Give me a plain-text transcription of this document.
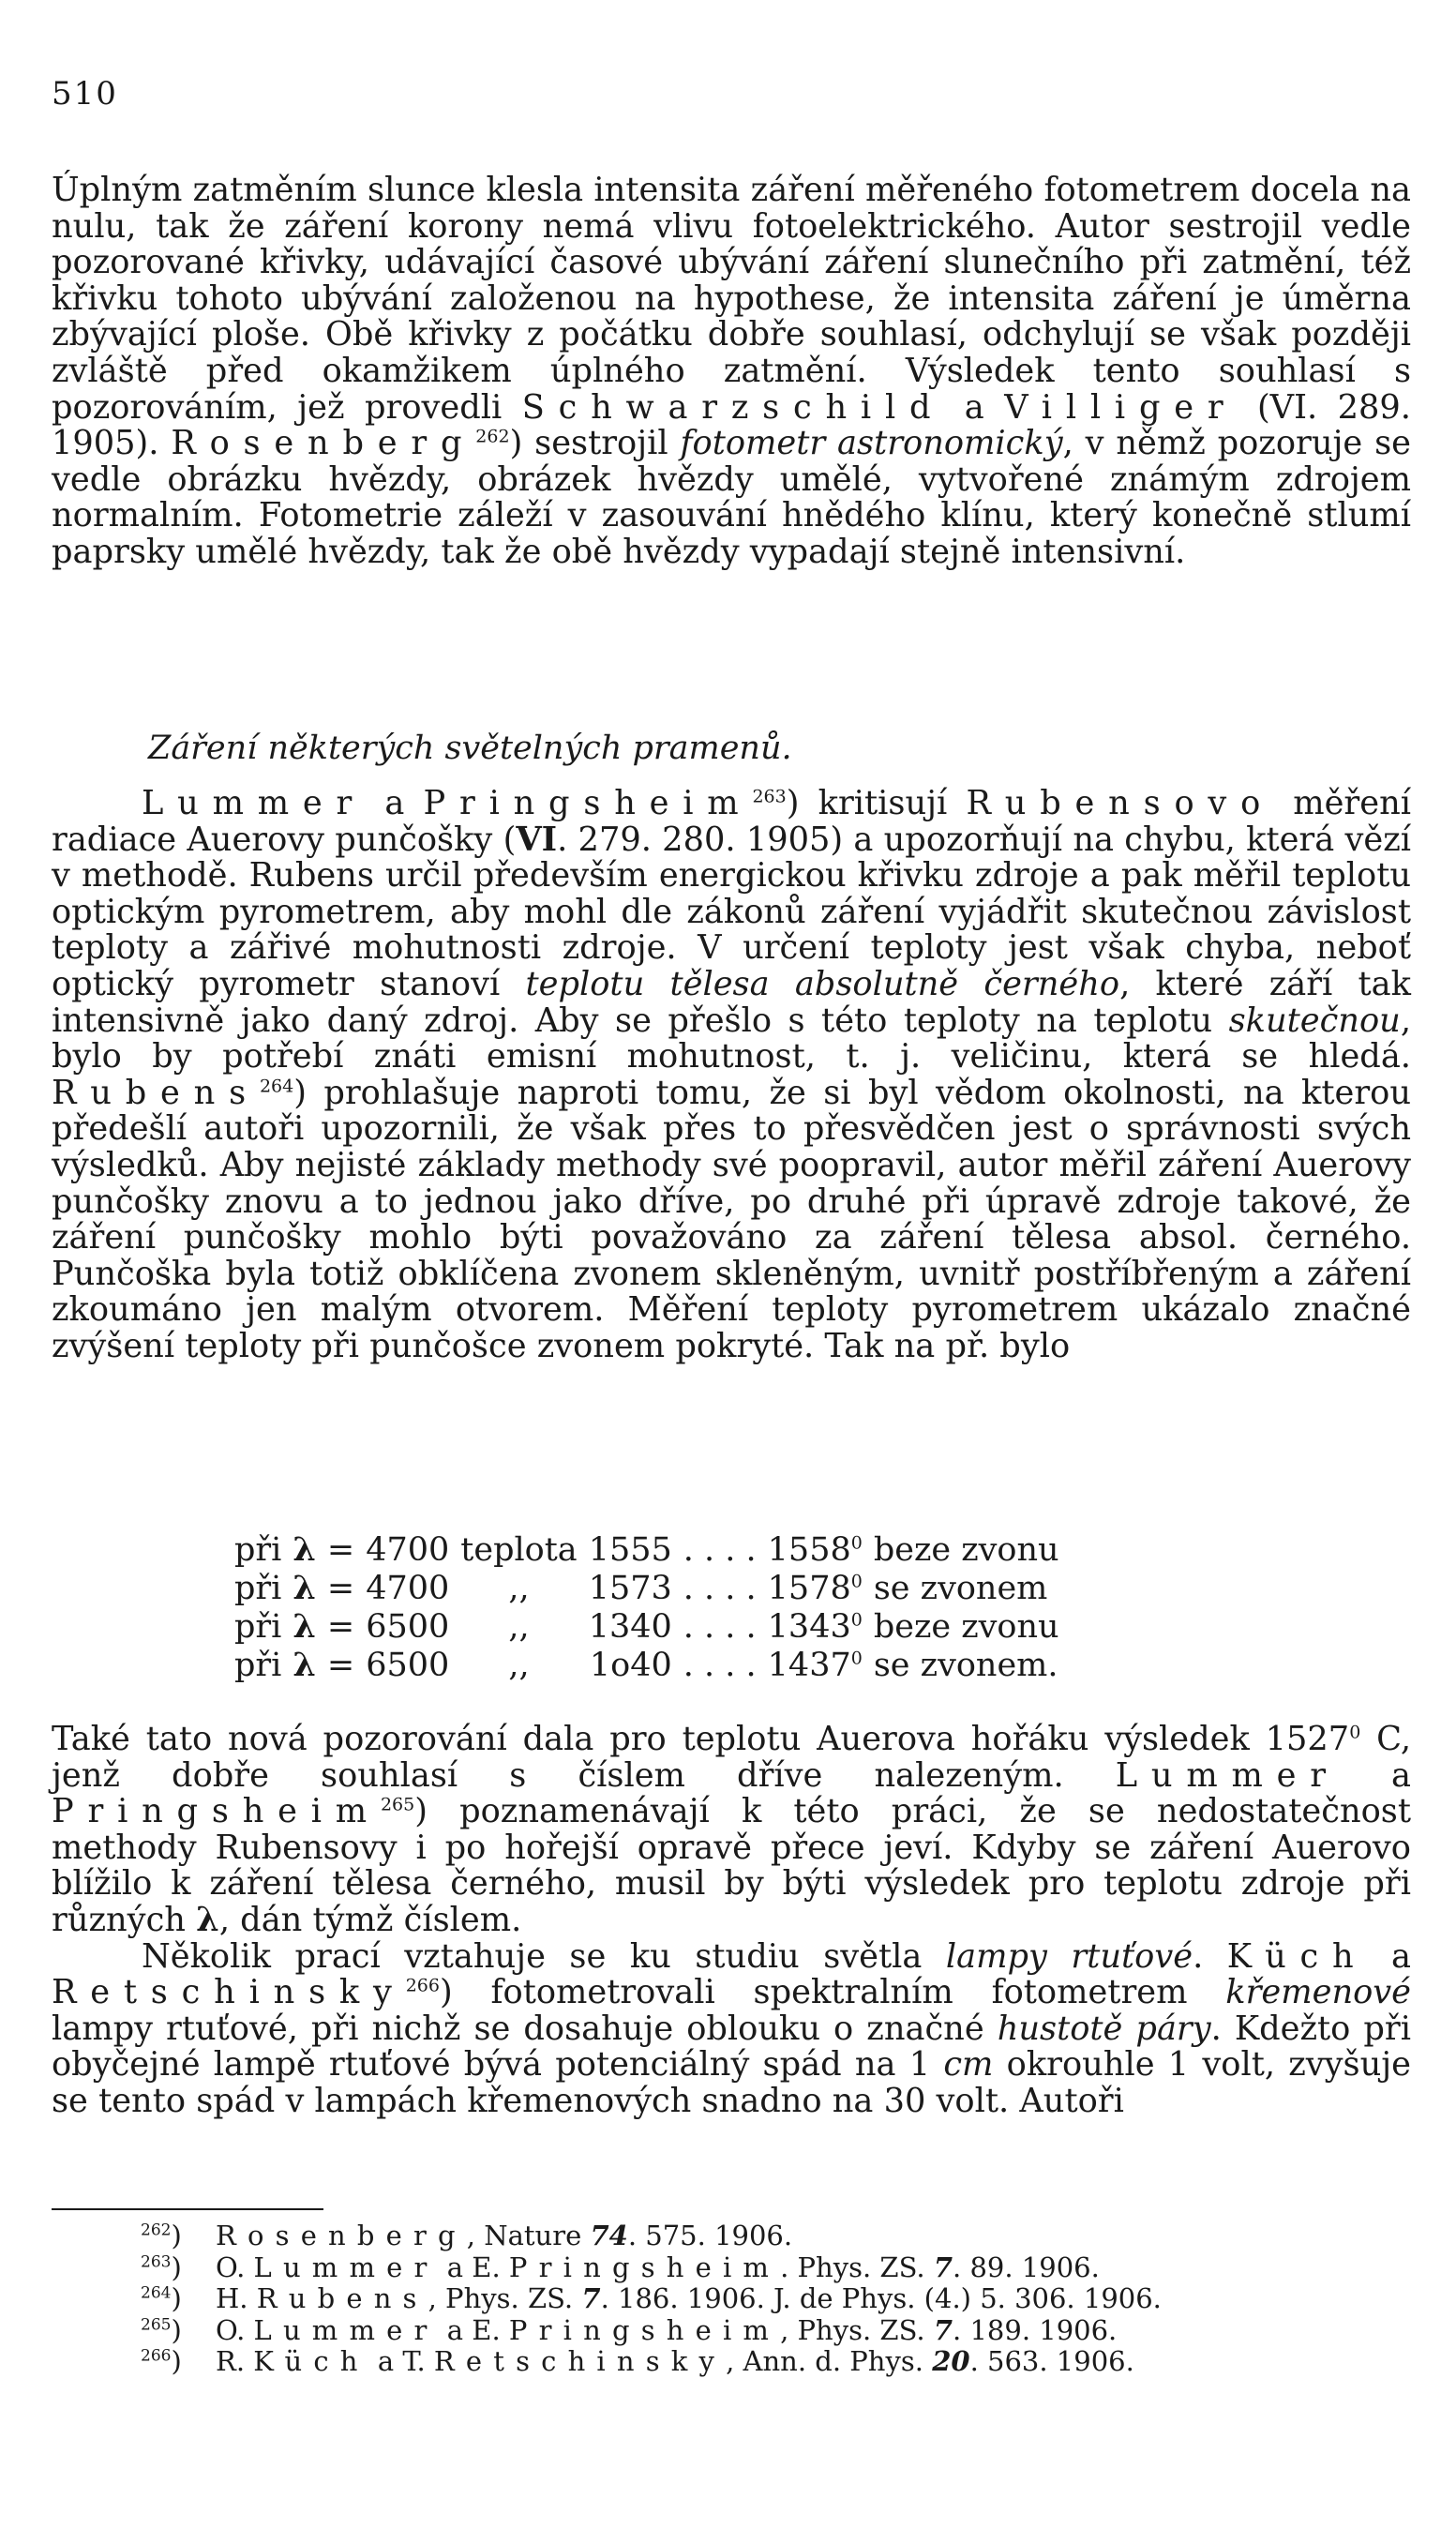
510

Úplným zatměním slunce klesla intensita záření měřeného fotometrem docela na nulu, tak že záření korony nemá vlivu fotoelektrického. Autor sestrojil vedle pozorované křivky, udávající časové ubývání záření slunečního při zatmění, též křivku tohoto ubývání založenou na hypothese, že intensita záření je úměrna zbývající ploše. Obě křivky z počátku dobře souhlasí, odchylují se však později zvláště před okamžikem úplného zatmění. Výsledek tento souhlasí s pozorováním, jež provedli Schwarzschild a Villiger (VI. 289. 1905). Rosenberg$^{262}$) sestrojil fotometr astronomický, v němž pozoruje se vedle obrázku hvězdy, obrázek hvězdy umělé, vytvořené známým zdrojem normalním. Fotometrie záleží v zasouvání hnědého klínu, který konečně stlumí paprsky umělé hvězdy, tak že obě hvězdy vypadají stejně intensivní.

Záření některých světelných pramenů.

Lummer a Pringsheim$^{263}$) kritisují Rubensovo měření radiace Auerovy punčošky (VI. 279. 280. 1905) a upozorňují na chybu, která vězí v methodě. Rubens určil především energickou křivku zdroje a pak měřil teplotu optickým pyrometrem, aby mohl dle zákonů záření vyjádřit skutečnou závislost teploty a zářivé mohutnosti zdroje. V určení teploty jest však chyba, neboť optický pyrometr stanoví teplotu tělesa absolutně černého, které září tak intensivně jako daný zdroj. Aby se přešlo s této teploty na teplotu skutečnou, bylo by potřebí znáti emisní mohutnost, t. j. veličinu, která se hledá. Rubens$^{264}$) prohlašuje naproti tomu, že si byl vědom okolnosti, na kterou předešlí autoři upozornili, že však přes to přesvědčen jest o správnosti svých výsledků. Aby nejisté základy methody své poopravil, autor měřil záření Auerovy punčošky znovu a to jednou jako dříve, po druhé při úpravě zdroje takové, že záření punčošky mohlo býti považováno za záření tělesa absol. černého. Punčoška byla totiž obklíčena zvonem skleněným, uvnitř postříbřeným a záření zkoumáno jen malým otvorem. Měření teploty pyrometrem ukázalo značné zvýšení teploty při punčošce zvonem pokryté. Tak na př. bylo

při	λ	=	4700	teplota	1555	. . . .	1558$^0$	beze zvonu
při	λ	=	4700	,,	1573	. . . .	1578$^0$	se zvonem
při	λ	=	6500	,,	1340	. . . .	1343$^0$	beze zvonu
při	λ	=	6500	,,	1o40	. . . .	1437$^0$	se zvonem.

Také tato nová pozorování dala pro teplotu Auerova hořáku výsledek 1527$^0$ C, jenž dobře souhlasí s číslem dříve nalezeným. Lummer a Pringsheim$^{265}$) poznamenávají k této práci, že se nedostatečnost methody Rubensovy i po hořejší opravě přece jeví. Kdyby se záření Auerovo blížilo k záření tělesa černého, musil by býti výsledek pro teplotu zdroje při různých λ, dán týmž číslem.

Několik prací vztahuje se ku studiu světla lampy rtuťové. Küch a Retschinsky$^{266}$) fotometrovali spektralním fotometrem křemenové lampy rtuťové, při nichž se dosahuje oblouku o značné hustotě páry. Kdežto při obyčejné lampě rtuťové bývá potenciálný spád na 1 cm okrouhle 1 volt, zvyšuje se tento spád v lampách křemenových snadno na 30 volt. Autoři

$^{262}$) Rosenberg, Nature 74. 575. 1906.
$^{263}$) O. Lummer a E. Pringsheim. Phys. ZS. 7. 89. 1906.
$^{264}$) H. Rubens, Phys. ZS. 7. 186. 1906. J. de Phys. (4.) 5. 306. 1906.
$^{265}$) O. Lummer a E. Pringsheim, Phys. ZS. 7. 189. 1906.
$^{266}$) R. Küch a T. Retschinsky, Ann. d. Phys. 20. 563. 1906.
